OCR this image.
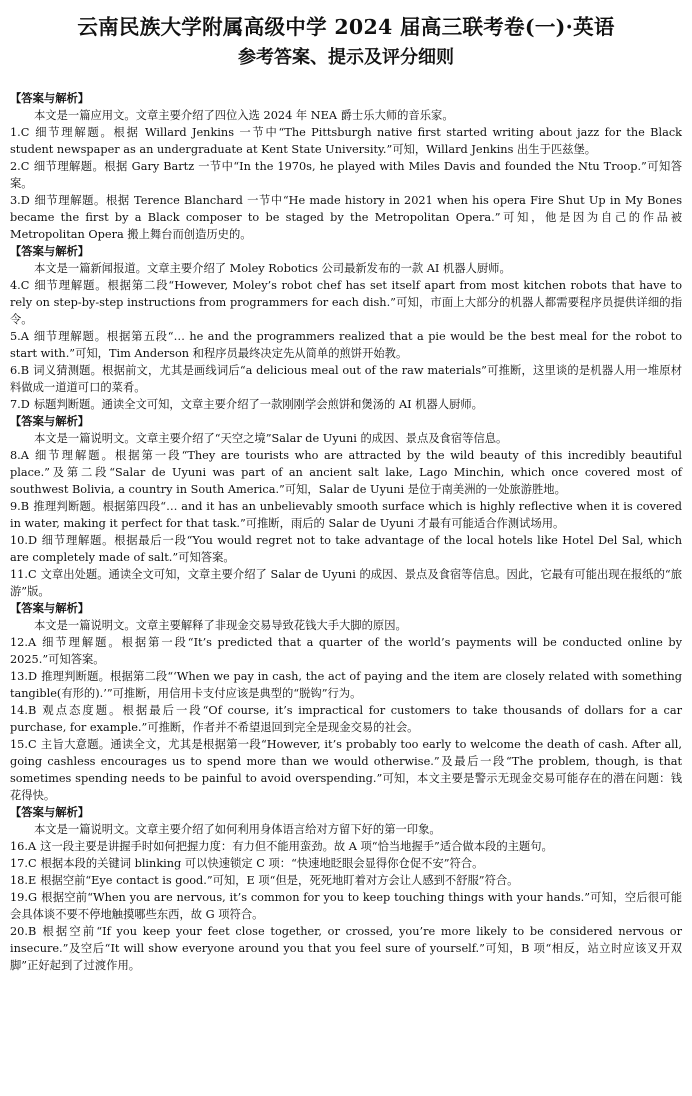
云南民族大学附属高级中学 2024 届高三联考卷(一)·英语
参考答案、提示及评分细则
【答案与解析】

本文是一篇应用文。文章主要介绍了四位入选 2024 年 NEA 爵士乐大师的音乐家。

1.C 细节理解题。根据 Willard Jenkins 一节中“The Pittsburgh native first started writing about jazz for the Black student newspaper as an undergraduate at Kent State University.”可知，Willard Jenkins 出生于匹兹堡。

2.C 细节理解题。根据 Gary Bartz 一节中“In the 1970s, he played with Miles Davis and founded the Ntu Troop.”可知答案。

3.D 细节理解题。根据 Terence Blanchard 一节中“He made history in 2021 when his opera Fire Shut Up in My Bones became the first by a Black composer to be staged by the Metropolitan Opera.”可知，他是因为自己的作品被 Metropolitan Opera 搬上舞台而创造历史的。

【答案与解析】

本文是一篇新闻报道。文章主要介绍了 Moley Robotics 公司最新发布的一款 AI 机器人厨师。

4.C 细节理解题。根据第二段“However, Moley’s robot chef has set itself apart from most kitchen robots that have to rely on step-by-step instructions from programmers for each dish.”可知，市面上大部分的机器人都需要程序员提供详细的指令。

5.A 细节理解题。根据第五段“… he and the programmers realized that a pie would be the best meal for the robot to start with.”可知，Tim Anderson 和程序员最终决定先从简单的煎饼开始教。

6.B 词义猜测题。根据前文，尤其是画线词后“a delicious meal out of the raw materials”可推断，这里谈的是机器人用一堆原材料做成一道道可口的菜肴。

7.D 标题判断题。通读全文可知，文章主要介绍了一款刚刚学会煎饼和煲汤的 AI 机器人厨师。

【答案与解析】

本文是一篇说明文。文章主要介绍了“天空之境”Salar de Uyuni 的成因、景点及食宿等信息。

8.A 细节理解题。根据第一段“They are tourists who are attracted by the wild beauty of this incredibly beautiful place.”及第二段“Salar de Uyuni was part of an ancient salt lake, Lago Minchin, which once covered most of southwest Bolivia, a country in South America.”可知，Salar de Uyuni 是位于南美洲的一处旅游胜地。

9.B 推理判断题。根据第四段“… and it has an unbelievably smooth surface which is highly reflective when it is covered in water, making it perfect for that task.”可推断，雨后的 Salar de Uyuni 才最有可能适合作测试场用。

10.D 细节理解题。根据最后一段“You would regret not to take advantage of the local hotels like Hotel Del Sal, which are completely made of salt.”可知答案。

11.C 文章出处题。通读全文可知，文章主要介绍了 Salar de Uyuni 的成因、景点及食宿等信息。因此，它最有可能出现在报纸的“旅游”版。

【答案与解析】

本文是一篇说明文。文章主要解释了非现金交易导致花钱大手大脚的原因。

12.A 细节理解题。根据第一段“It’s predicted that a quarter of the world’s payments will be conducted online by 2025.”可知答案。

13.D 推理判断题。根据第二段“‘When we pay in cash, the act of paying and the item are closely related with something tangible(有形的).’”可推断，用信用卡支付应该是典型的“脱钩”行为。

14.B 观点态度题。根据最后一段“Of course, it’s impractical for customers to take thousands of dollars for a car purchase, for example.”可推断，作者并不希望退回到完全是现金交易的社会。

15.C 主旨大意题。通读全文，尤其是根据第一段“However, it’s probably too early to welcome the death of cash. After all, going cashless encourages us to spend more than we would otherwise.”及最后一段“The problem, though, is that sometimes spending needs to be painful to avoid overspending.”可知，本文主要是警示无现金交易可能存在的潜在问题：钱花得快。

【答案与解析】

本文是一篇说明文。文章主要介绍了如何利用身体语言给对方留下好的第一印象。

16.A 这一段主要是讲握手时如何把握力度：有力但不能用蛮劲。故 A 项“恰当地握手”适合做本段的主题句。

17.C 根据本段的关键词 blinking 可以快速锁定 C 项：“快速地眨眼会显得你仓促不安”符合。

18.E 根据空前“Eye contact is good.”可知，E 项“但是，死死地盯着对方会让人感到不舒服”符合。

19.G 根据空前“When you are nervous, it’s common for you to keep touching things with your hands.”可知，空后很可能会具体谈不要不停地触摸哪些东西，故 G 项符合。

20.B 根据空前“If you keep your feet close together, or crossed, you’re more likely to be considered nervous or insecure.”及空后“It will show everyone around you that you feel sure of yourself.”可知，B 项“相反，站立时应该叉开双脚”正好起到了过渡作用。
